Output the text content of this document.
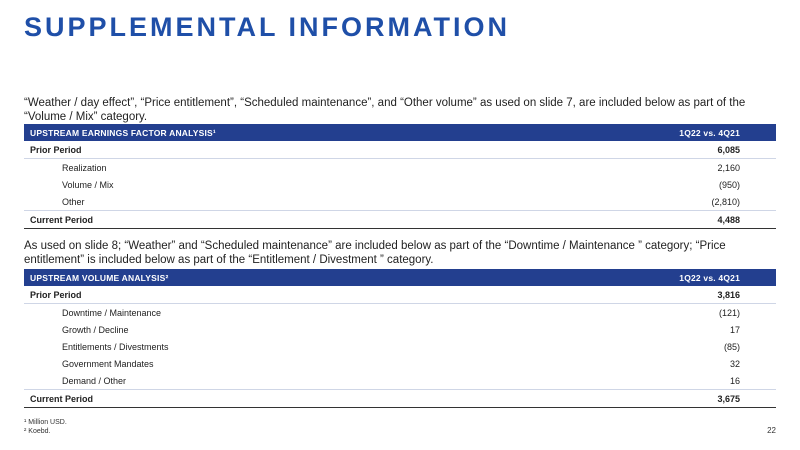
SUPPLEMENTAL INFORMATION
“Weather / day effect”, “Price entitlement”, “Scheduled maintenance”, and “Other volume” as used on slide 7, are included below as part of the “Volume / Mix” category.
UPSTREAM EARNINGS FACTOR ANALYSIS¹	1Q22 vs. 4Q21
Prior Period	6,085
Realization	2,160
Volume / Mix	(950)
Other	(2,810)
Current Period	4,488
As used on slide 8; “Weather” and “Scheduled maintenance” are included below as part of the “Downtime / Maintenance ” category; “Price entitlement” is included below as part of the “Entitlement / Divestment ” category.
UPSTREAM VOLUME ANALYSIS²	1Q22 vs. 4Q21
Prior Period	3,816
Downtime / Maintenance	(121)
Growth / Decline	17
Entitlements / Divestments	(85)
Government Mandates	32
Demand / Other	16
Current Period	3,675
¹ Million USD.
² Koebd.	22
